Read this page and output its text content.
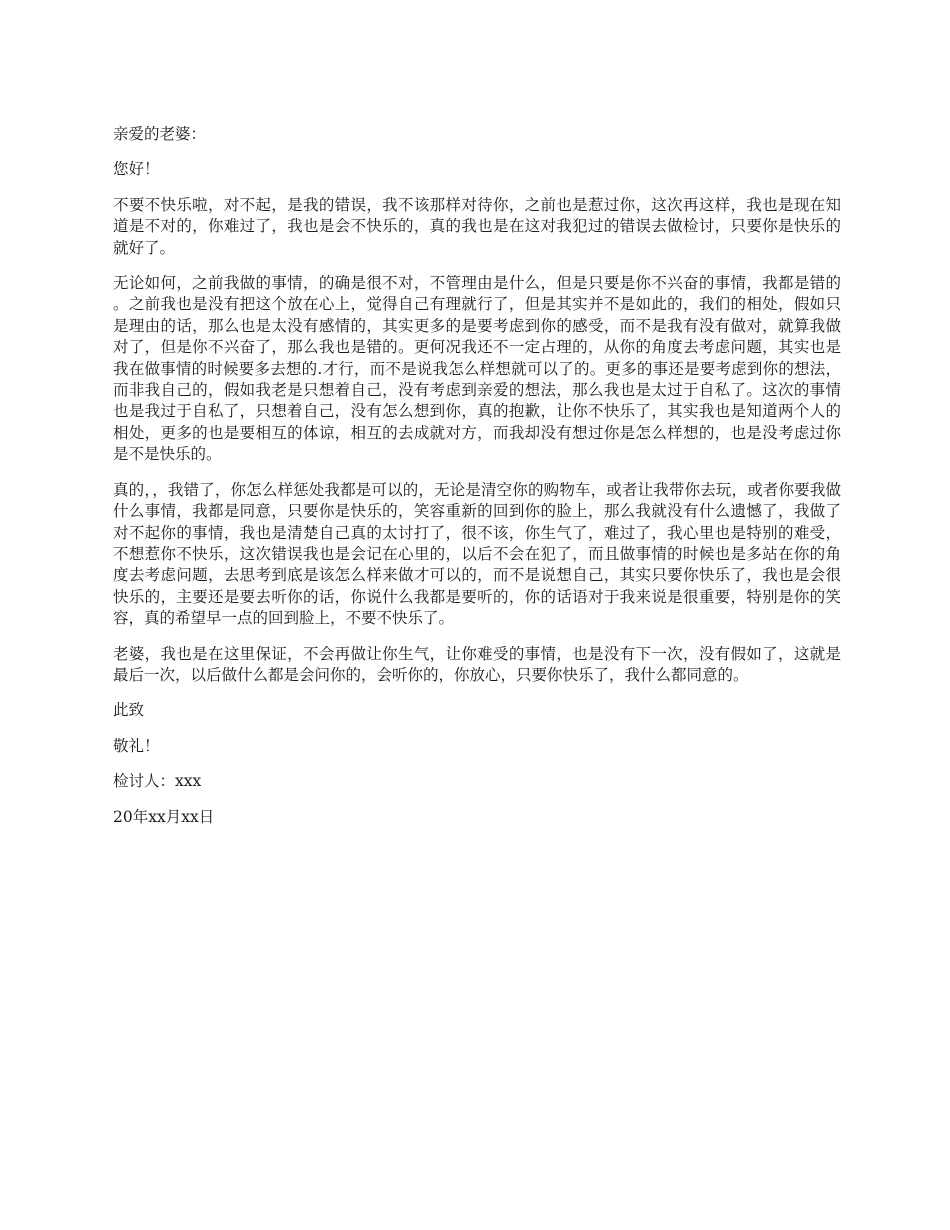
亲爱的老婆：

您好！

不要不快乐啦，对不起，是我的错误，我不该那样对待你，之前也是惹过你，这次再这样，我也是现在知道是不对的，你难过了，我也是会不快乐的，真的我也是在这对我犯过的错误去做检讨，只要你是快乐的就好了。

无论如何，之前我做的事情，的确是很不对，不管理由是什么，但是只要是你不兴奋的事情，我都是错的。之前我也是没有把这个放在心上，觉得自己有理就行了，但是其实并不是如此的，我们的相处，假如只是理由的话，那么也是太没有感情的，其实更多的是要考虑到你的感受，而不是我有没有做对，就算我做对了，但是你不兴奋了，那么我也是错的。更何况我还不一定占理的，从你的角度去考虑问题，其实也是我在做事情的时候要多去想的.才行，而不是说我怎么样想就可以了的。更多的事还是要考虑到你的想法，而非我自己的，假如我老是只想着自己，没有考虑到亲爱的想法，那么我也是太过于自私了。这次的事情也是我过于自私了，只想着自己，没有怎么想到你，真的抱歉，让你不快乐了，其实我也是知道两个人的相处，更多的也是要相互的体谅，相互的去成就对方，而我却没有想过你是怎么样想的，也是没考虑过你是不是快乐的。

真的，，我错了，你怎么样惩处我都是可以的，无论是清空你的购物车，或者让我带你去玩，或者你要我做什么事情，我都是同意，只要你是快乐的，笑容重新的回到你的脸上，那么我就没有什么遗憾了，我做了对不起你的事情，我也是清楚自己真的太讨打了，很不该，你生气了，难过了，我心里也是特别的难受，不想惹你不快乐，这次错误我也是会记在心里的，以后不会在犯了，而且做事情的时候也是多站在你的角度去考虑问题，去思考到底是该怎么样来做才可以的，而不是说想自己，其实只要你快乐了，我也是会很快乐的，主要还是要去听你的话，你说什么我都是要听的，你的话语对于我来说是很重要，特别是你的笑容，真的希望早一点的回到脸上，不要不快乐了。

老婆，我也是在这里保证，不会再做让你生气，让你难受的事情，也是没有下一次，没有假如了，这就是最后一次，以后做什么都是会问你的，会听你的，你放心，只要你快乐了，我什么都同意的。

此致

敬礼！

检讨人：xxx

20年xx月xx日
